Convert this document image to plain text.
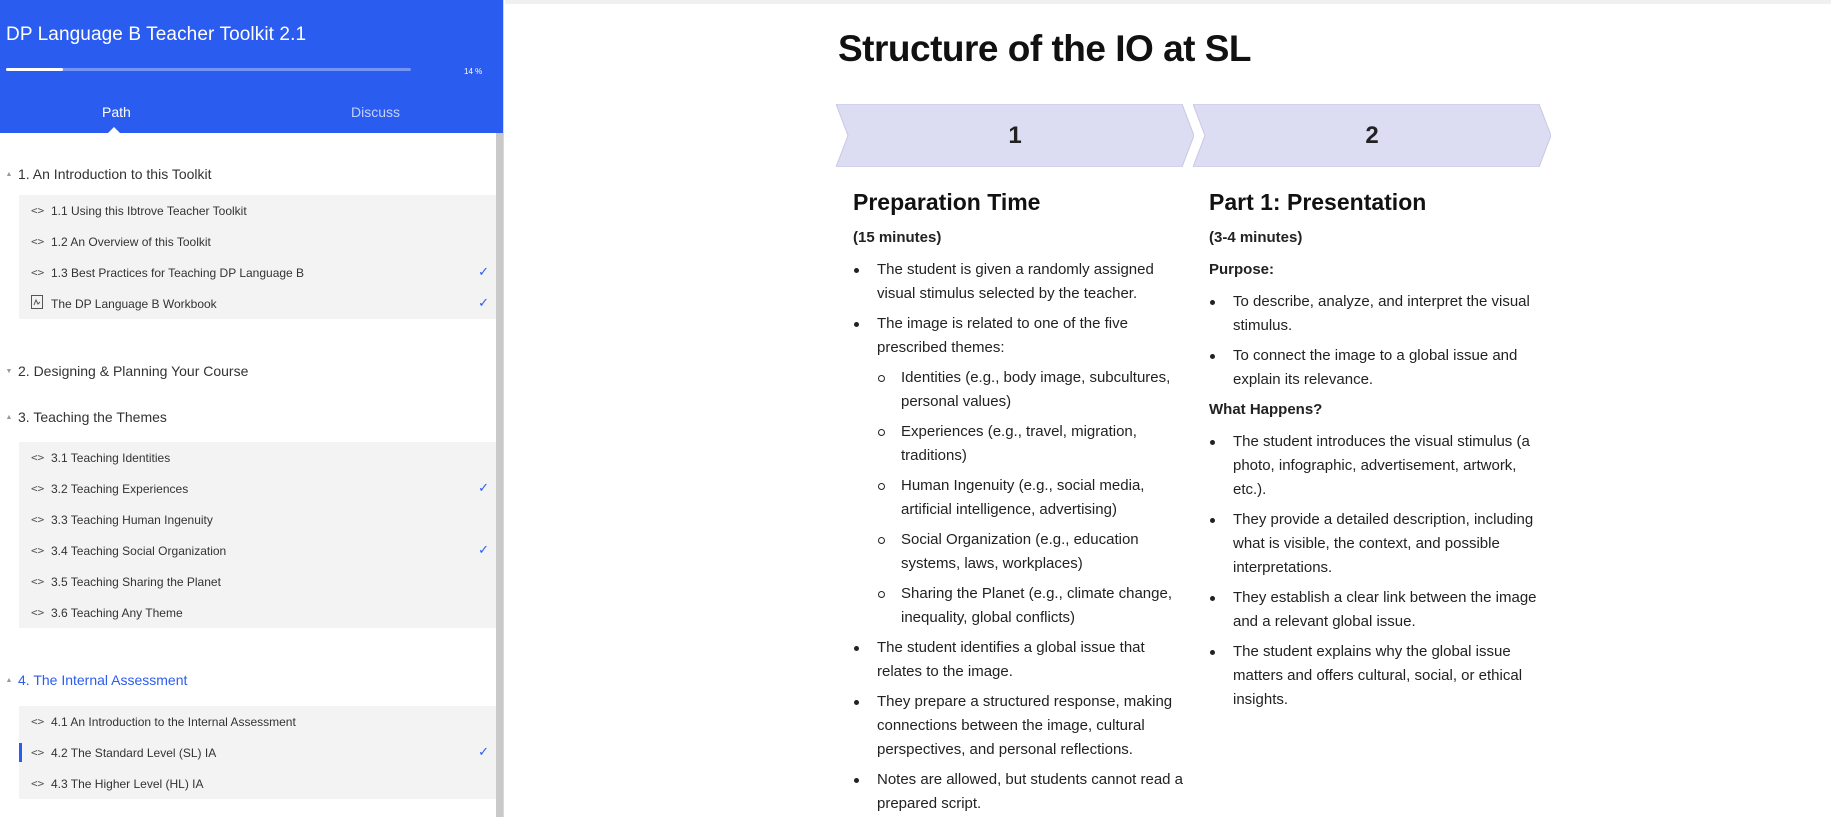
DP Language B Teacher Toolkit 2.1
14 %
Path	Discuss
▲ 1. An Introduction to this Toolkit
<> 1.1 Using this Ibtrove Teacher Toolkit
<> 1.2 An Overview of this Toolkit
<> 1.3 Best Practices for Teaching DP Language B	✓
The DP Language B Workbook	✓
▼ 2. Designing & Planning Your Course
▲ 3. Teaching the Themes
<> 3.1 Teaching Identities
<> 3.2 Teaching Experiences	✓
<> 3.3 Teaching Human Ingenuity
<> 3.4 Teaching Social Organization	✓
<> 3.5 Teaching Sharing the Planet
<> 3.6 Teaching Any Theme
▲ 4. The Internal Assessment
<> 4.1 An Introduction to the Internal Assessment
<> 4.2 The Standard Level (SL) IA	✓
<> 4.3 The Higher Level (HL) IA
Structure of the IO at SL
1	2
Preparation Time
(15 minutes)
The student is given a randomly assigned visual stimulus selected by the teacher.
The image is related to one of the five prescribed themes:
Identities (e.g., body image, subcultures, personal values)
Experiences (e.g., travel, migration, traditions)
Human Ingenuity (e.g., social media, artificial intelligence, advertising)
Social Organization (e.g., education systems, laws, workplaces)
Sharing the Planet (e.g., climate change, inequality, global conflicts)
The student identifies a global issue that relates to the image.
They prepare a structured response, making connections between the image, cultural perspectives, and personal reflections.
Notes are allowed, but students cannot read a prepared script.
Part 1: Presentation
(3-4 minutes)
Purpose:
To describe, analyze, and interpret the visual stimulus.
To connect the image to a global issue and explain its relevance.
What Happens?
The student introduces the visual stimulus (a photo, infographic, advertisement, artwork, etc.).
They provide a detailed description, including what is visible, the context, and possible interpretations.
They establish a clear link between the image and a relevant global issue.
The student explains why the global issue matters and offers cultural, social, or ethical insights.
